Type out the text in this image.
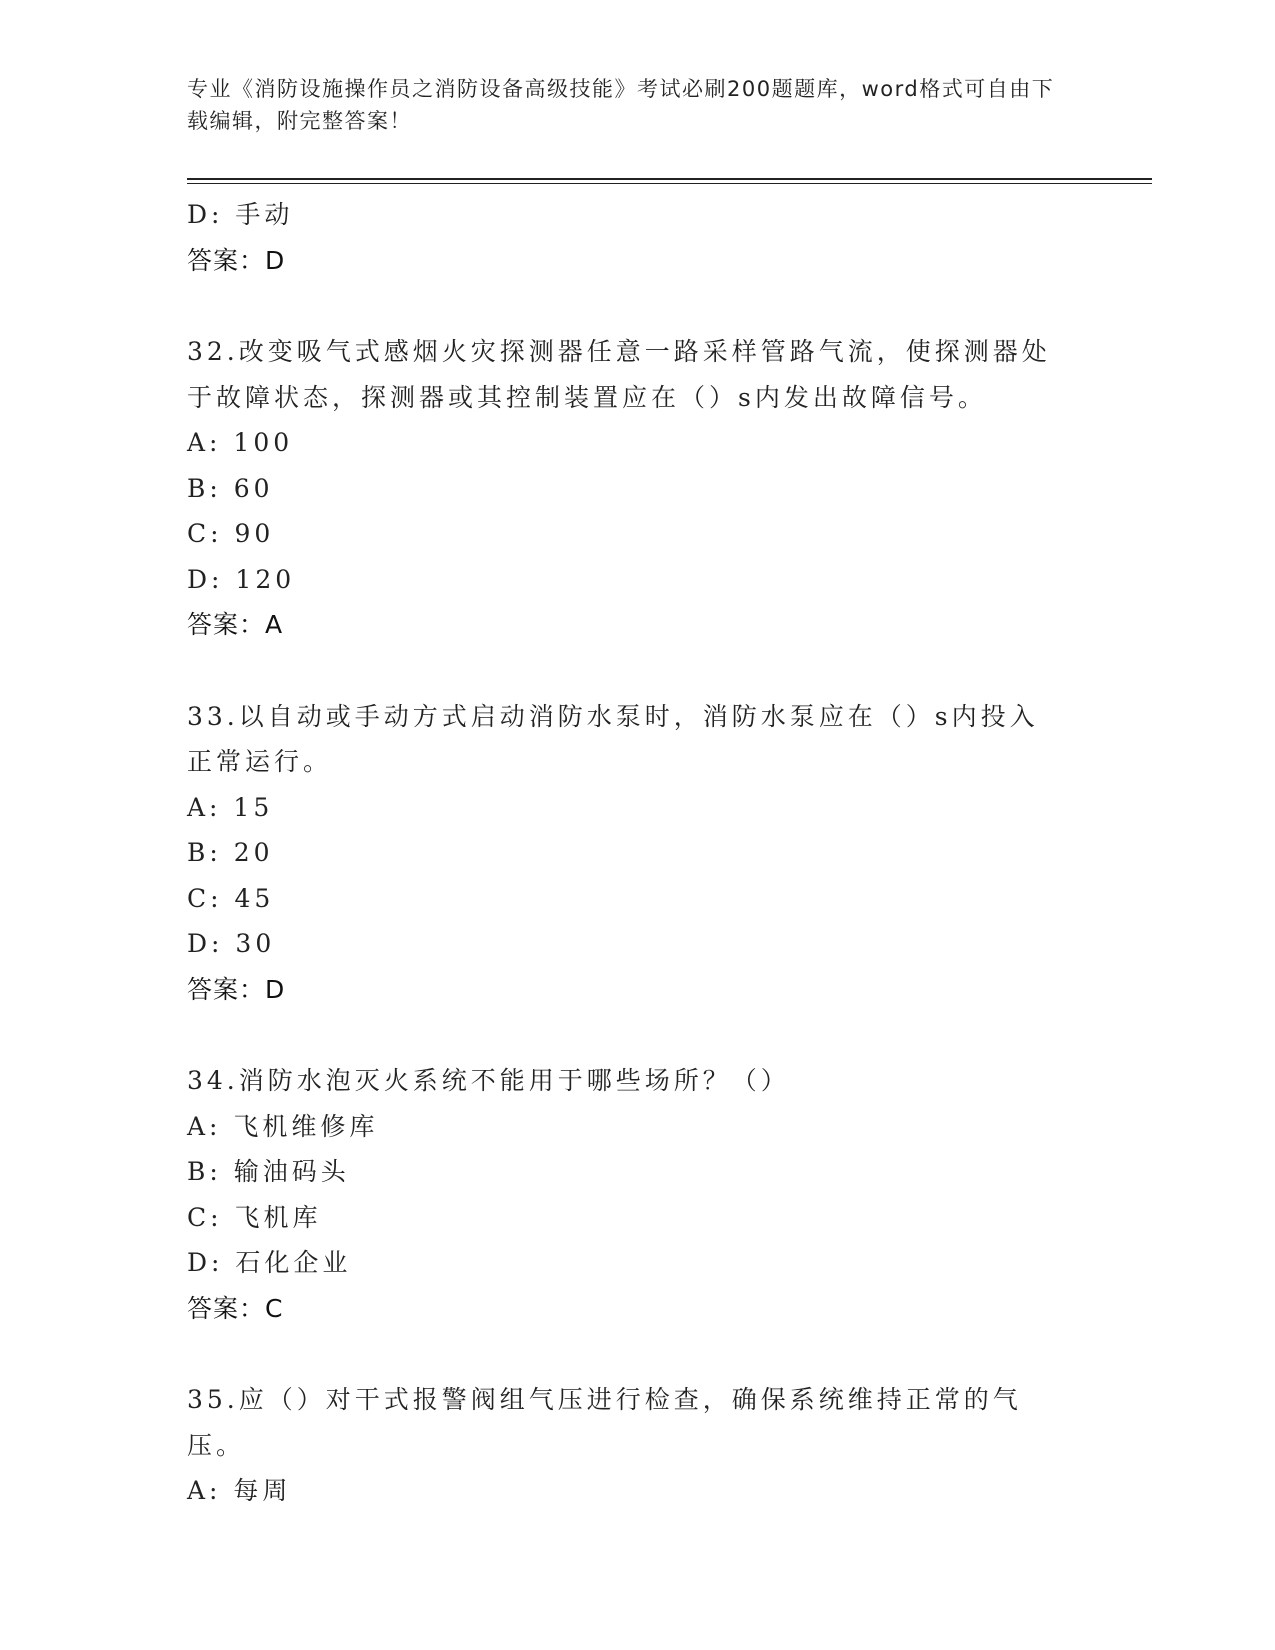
专业《消防设施操作员之消防设备高级技能》考试必刷200题题库，word格式可自由下载编辑，附完整答案！
D: 手动
答案：D
32.改变吸气式感烟火灾探测器任意一路采样管路气流，使探测器处于故障状态，探测器或其控制装置应在（）s内发出故障信号。
A: 100
B: 60
C: 90
D: 120
答案：A
33.以自动或手动方式启动消防水泵时，消防水泵应在（）s内投入正常运行。
A: 15
B: 20
C: 45
D: 30
答案：D
34.消防水泡灭火系统不能用于哪些场所？（）
A: 飞机维修库
B: 输油码头
C: 飞机库
D: 石化企业
答案：C
35.应（）对干式报警阀组气压进行检查，确保系统维持正常的气压。
A: 每周
